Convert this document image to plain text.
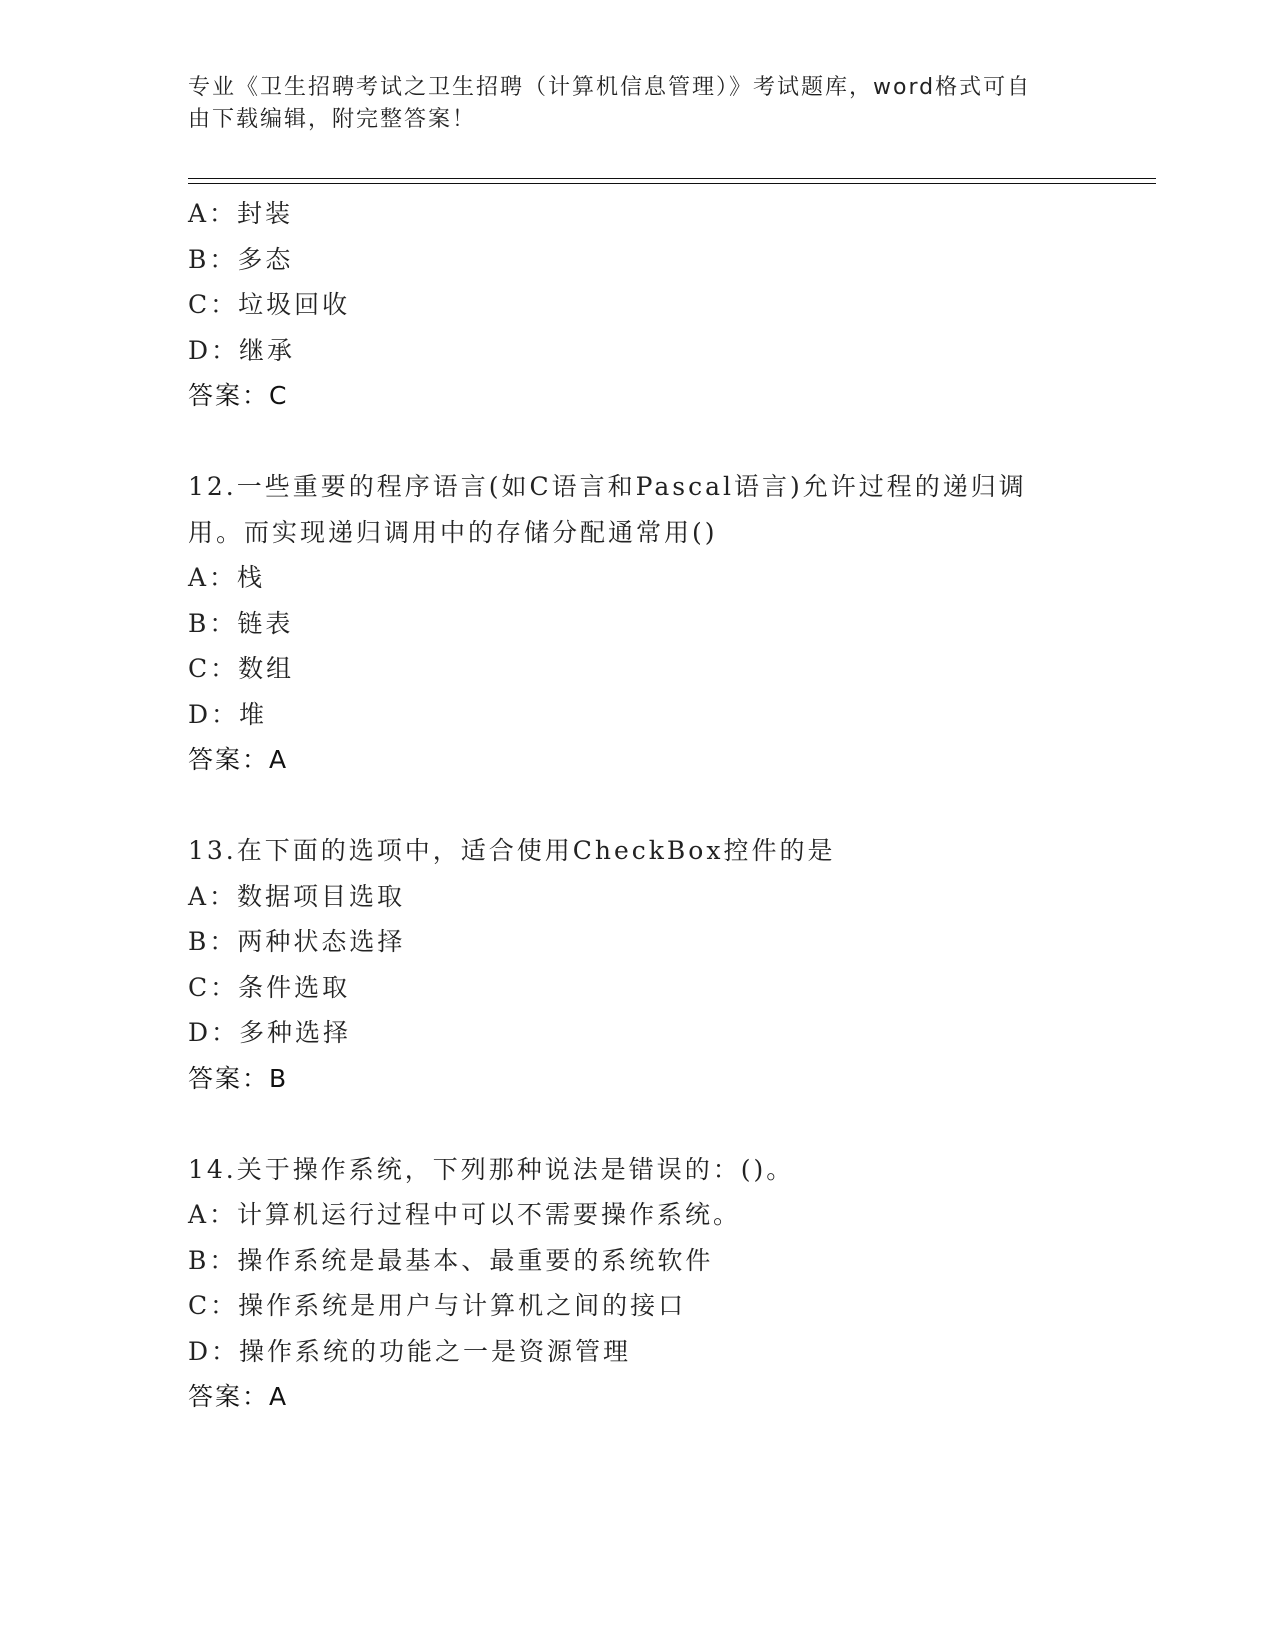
专业《卫生招聘考试之卫生招聘（计算机信息管理）》考试题库，word格式可自
由下载编辑，附完整答案！
A：封装
B：多态
C：垃圾回收
D：继承
答案：C
12.一些重要的程序语言(如C语言和Pascal语言)允许过程的递归调
用。而实现递归调用中的存储分配通常用()
A：栈
B：链表
C：数组
D：堆
答案：A
13.在下面的选项中，适合使用CheckBox控件的是
A：数据项目选取
B：两种状态选择
C：条件选取
D：多种选择
答案：B
14.关于操作系统，下列那种说法是错误的：()。
A：计算机运行过程中可以不需要操作系统。
B：操作系统是最基本、最重要的系统软件
C：操作系统是用户与计算机之间的接口
D：操作系统的功能之一是资源管理
答案：A
